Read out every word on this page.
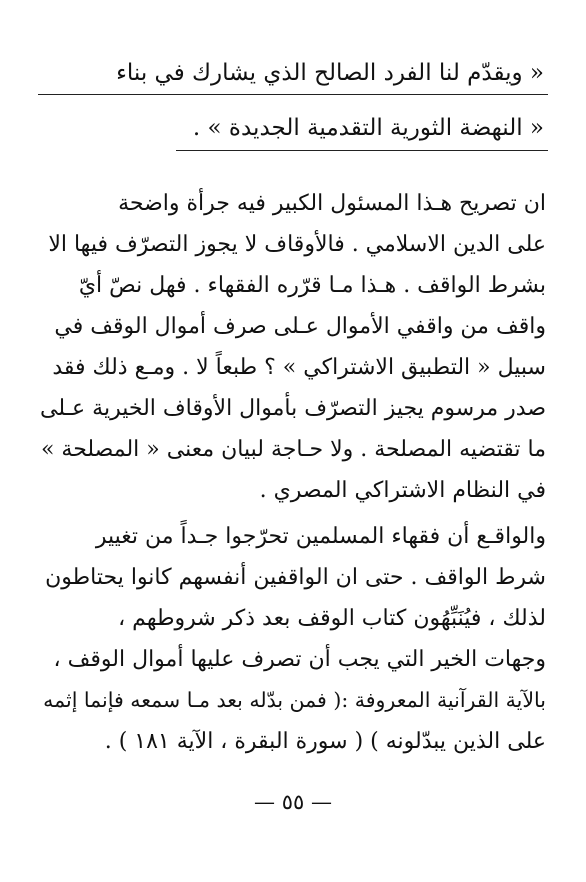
« ويقدّم لنا الفرد الصالح الذي يشارك في بناء
« النهضة الثورية التقدمية الجديدة » .
ان تصريح هـذا المسئول الكبير فيه جرأة واضحة
على الدين الاسلامي . فالأوقاف لا يجوز التصرّف فيها الا
بشرط الواقف . هـذا مـا قرّره الفقهاء . فهل نصّ أيّ
واقف من واقفي الأموال عـلى صرف أموال الوقف في
سبيل « التطبيق الاشتراكي » ؟ طبعاً لا . ومـع ذلك فقد
صدر مرسوم يجيز التصرّف بأموال الأوقاف الخيرية عـلى
ما تقتضيه المصلحة . ولا حـاجة لبيان معنى « المصلحة »
في النظام الاشتراكي المصري .
والواقـع أن فقهاء المسلمين تحرّجوا جـداً من تغيير
شرط الواقف . حتى ان الواقفين أنفسهم كانوا يحتاطون
لذلك ، فيُنَبِّهُون كتاب الوقف بعد ذكر شروطهم ،
وجهات الخير التي يجب أن تصرف عليها أموال الوقف ،
بالآية القرآنية المعروفة :( فمن بدّله بعد مـا سمعه فإنما إثمه
على الذين يبدّلونه ) ( سورة البقرة ، الآية ١٨١ ) .
— ٥٥ —
